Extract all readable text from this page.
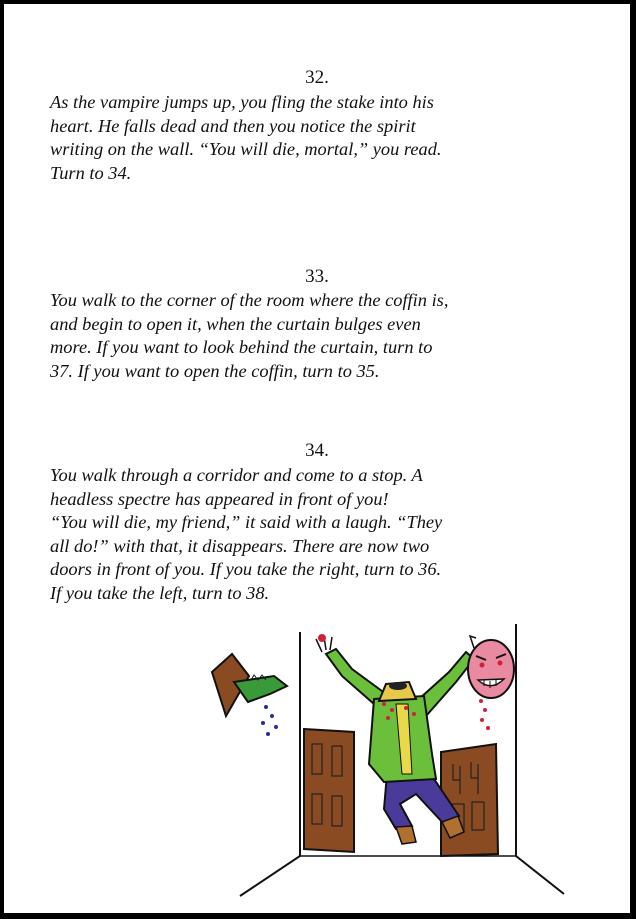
32.
As the vampire jumps up, you fling the stake into his
heart. He falls dead and then you notice the spirit
writing on the wall. “You will die, mortal,” you read.
Turn to 34.
33.
You walk to the corner of the room where the coffin is,
and begin to open it, when the curtain bulges even
more. If you want to look behind the curtain, turn to
37. If you want to open the coffin, turn to 35.
34.
You walk through a corridor and come to a stop. A
headless spectre has appeared in front of you!
“You will die, my friend,” it said with a laugh. “They
all do!” with that, it disappears. There are now two
doors in front of you. If you take the right, turn to 36.
If you take the left, turn to 38.
